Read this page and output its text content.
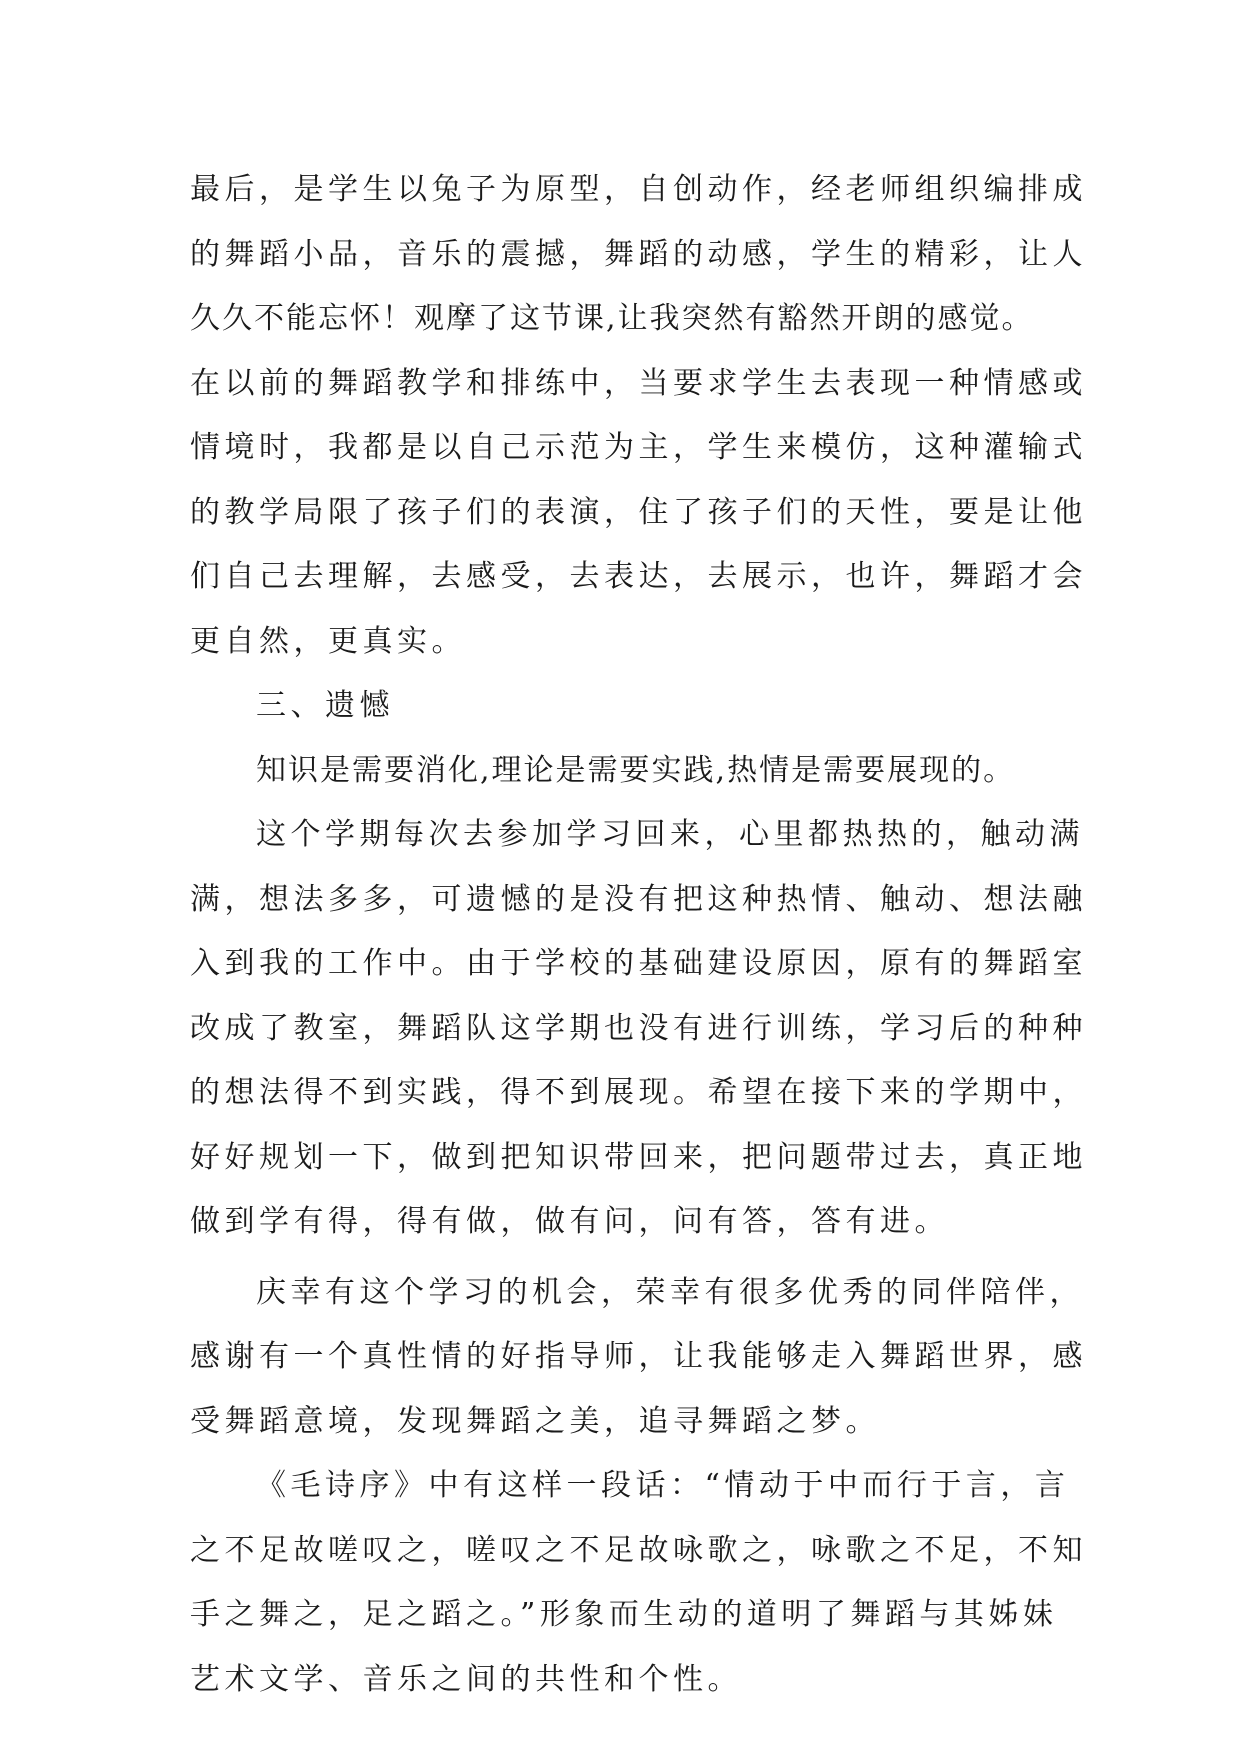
最后，是学生以兔子为原型，自创动作，经老师组织编排成
的舞蹈小品，音乐的震撼，舞蹈的动感，学生的精彩，让人
久久不能忘怀！观摩了这节课,让我突然有豁然开朗的感觉。
在以前的舞蹈教学和排练中，当要求学生去表现一种情感或
情境时，我都是以自己示范为主，学生来模仿，这种灌输式
的教学局限了孩子们的表演，住了孩子们的天性，要是让他
们自己去理解，去感受，去表达，去展示，也许，舞蹈才会
更自然，更真实。
三、遗憾
知识是需要消化,理论是需要实践,热情是需要展现的。
这个学期每次去参加学习回来，心里都热热的，触动满
满，想法多多，可遗憾的是没有把这种热情、触动、想法融
入到我的工作中。由于学校的基础建设原因，原有的舞蹈室
改成了教室，舞蹈队这学期也没有进行训练，学习后的种种
的想法得不到实践，得不到展现。希望在接下来的学期中，
好好规划一下，做到把知识带回来，把问题带过去，真正地
做到学有得，得有做，做有问，问有答，答有进。
庆幸有这个学习的机会，荣幸有很多优秀的同伴陪伴，
感谢有一个真性情的好指导师，让我能够走入舞蹈世界，感
受舞蹈意境，发现舞蹈之美，追寻舞蹈之梦。
《毛诗序》中有这样一段话：“情动于中而行于言，言
之不足故嗟叹之，嗟叹之不足故咏歌之，咏歌之不足，不知
手之舞之，足之蹈之。”形象而生动的道明了舞蹈与其姊妹
艺术文学、音乐之间的共性和个性。
